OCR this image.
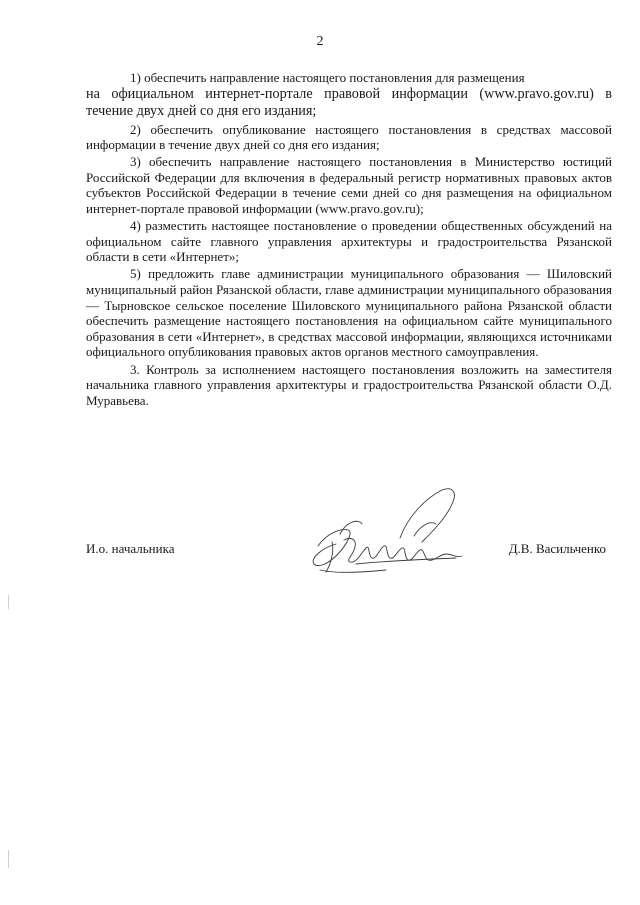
2

1) обеспечить направление настоящего постановления для размещения

на официальном интернет-портале правовой информации (www.pravo.gov.ru) в течение двух дней со дня его издания;

2) обеспечить опубликование настоящего постановления в средствах массовой информации в течение двух дней со дня его издания;

3) обеспечить направление настоящего постановления в Министерство юстиций Российской Федерации для включения в федеральный регистр нормативных правовых актов субъектов Российской Федерации в течение семи дней со дня размещения на официальном интернет-портале правовой информации (www.pravo.gov.ru);

4) разместить настоящее постановление о проведении общественных обсуждений на официальном сайте главного управления архитектуры и градостроительства Рязанской области в сети «Интернет»;

5) предложить главе администрации муниципального образования — Шиловский муниципальный район Рязанской области, главе администрации муниципального образования — Тырновское сельское поселение Шиловского муниципального района Рязанской области обеспечить размещение настоящего постановления на официальном сайте муниципального образования в сети «Интернет», в средствах массовой информации, являющихся источниками официального опубликования правовых актов органов местного самоуправления.

3. Контроль за исполнением настоящего постановления возложить на заместителя начальника главного управления архитектуры и градостроительства Рязанской области О.Д. Муравьева.

И.о. начальника	Д.В. Васильченко
